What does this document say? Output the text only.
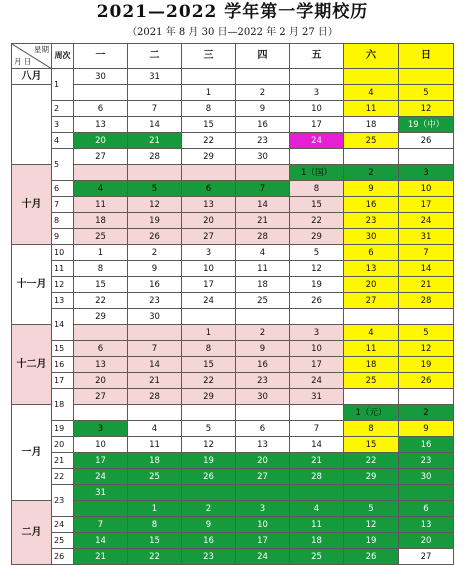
2021—2022 学年第一学期校历
（2021 年 8 月 30 日—2022 年 2 月 27 日）
星期
月 日	周次	一	二	三	四	五	六	日
八月	1	30	31					
				1	2	3	4	5
	2	6	7	8	9	10	11	12
	3	13	14	15	16	17	18	19（中）
	4	20	21	22	23	24	25	26
	5	27	28	29	30			
十月						1（国）	2	3
	6	4	5	6	7	8	9	10
	7	11	12	13	14	15	16	17
	8	18	19	20	21	22	23	24
	9	25	26	27	28	29	30	31
十一月	10	1	2	3	4	5	6	7
	11	8	9	10	11	12	13	14
	12	15	16	17	18	19	20	21
	13	22	23	24	25	26	27	28
	14	29	30					
十二月				1	2	3	4	5
	15	6	7	8	9	10	11	12
	16	13	14	15	16	17	18	19
	17	20	21	22	23	24	25	26
	18	27	28	29	30	31		
一月							1（元）	2
	19	3	4	5	6	7	8	9
	20	10	11	12	13	14	15	16
	21	17	18	19	20	21	22	23
	22	24	25	26	27	28	29	30
	23	31						
二月			1	2	3	4	5	6
	24	7	8	9	10	11	12	13
	25	14	15	16	17	18	19	20
	26	21	22	23	24	25	26	27
